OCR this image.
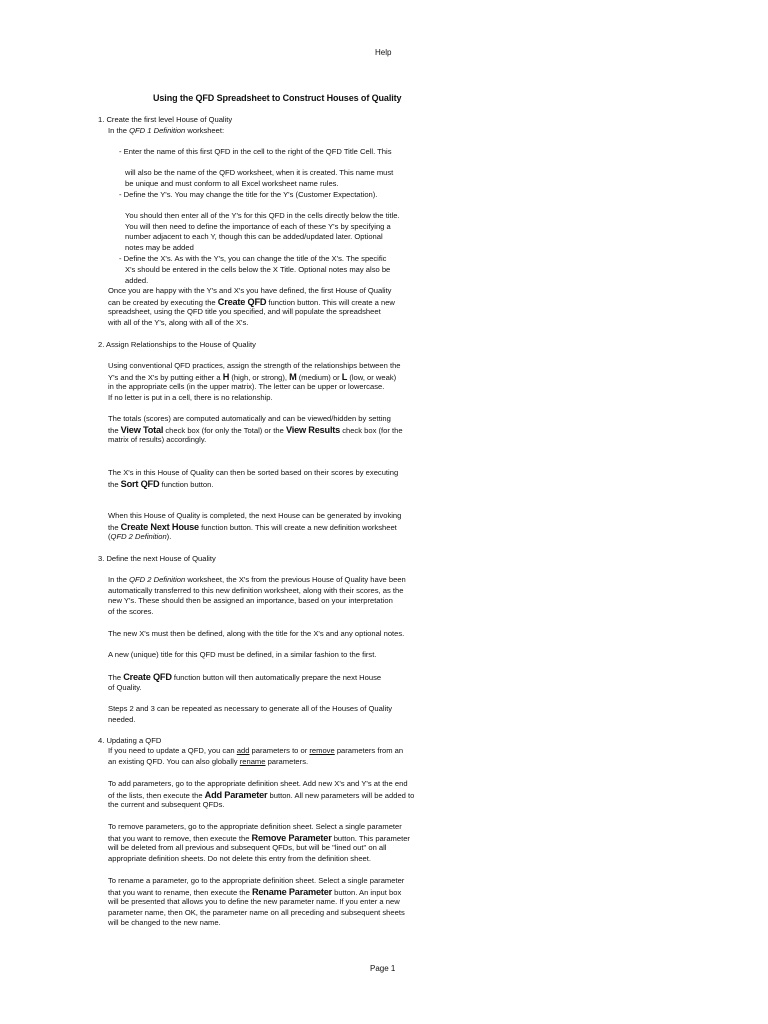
Help
Using the QFD Spreadsheet to Construct Houses of Quality
1. Create the first level House of Quality
In the QFD 1 Definition worksheet:
- Enter the name of this first QFD in the cell to the right of the QFD Title Cell. This
will also be the name of the QFD worksheet, when it is created. This name must
be unique and must conform to all Excel worksheet name rules.
- Define the Y's. You may change the title for the Y's (Customer Expectation).
You should then enter all of the Y's for this QFD in the cells directly below the title.
You will then need to define the importance of each of these Y's by specifying a
number adjacent to each Y, though this can be added/updated later. Optional
notes may be added
- Define the X's. As with the Y's, you can change the title of the X's. The specific
X's should be entered in the cells below the X Title. Optional notes may also be
added.
Once you are happy with the Y's and X's you have defined, the first House of Quality
can be created by executing the Create QFD function button. This will create a new
spreadsheet, using the QFD title you specified, and will populate the spreadsheet
with all of the Y's, along with all of the X's.
2. Assign Relationships to the House of Quality
Using conventional QFD practices, assign the strength of the relationships between the
Y's and the X's by putting either a H (high, or strong), M (medium) or L (low, or weak)
in the appropriate cells (in the upper matrix). The letter can be upper or lowercase.
If no letter is put in a cell, there is no relationship.
The totals (scores) are computed automatically and can be viewed/hidden by setting
the View Total check box (for only the Total) or the View Results check box (for the
matrix of results) accordingly.
The X's in this House of Quality can then be sorted based on their scores by executing
the Sort QFD function button.
When this House of Quality is completed, the next House can be generated by invoking
the Create Next House function button. This will create a new definition worksheet
(QFD 2 Definition).
3. Define the next House of Quality
In the QFD 2 Definition worksheet, the X's from the previous House of Quality have been
automatically transferred to this new definition worksheet, along with their scores, as the
new Y's. These should then be assigned an importance, based on your interpretation
of the scores.
The new X's must then be defined, along with the title for the X's and any optional notes.
A new (unique) title for this QFD must be defined, in a similar fashion to the first.
The Create QFD function button will then automatically prepare the next House
of Quality.
Steps 2 and 3 can be repeated as necessary to generate all of the Houses of Quality
needed.
4. Updating a QFD
If you need to update a QFD, you can add parameters to or remove parameters from an
an existing QFD. You can also globally rename parameters.
To add parameters, go to the appropriate definition sheet. Add new X's and Y's at the end
of the lists, then execute the Add Parameter button. All new parameters will be added to
the current and subsequent QFDs.
To remove parameters, go to the appropriate definition sheet. Select a single parameter
that you want to remove, then execute the Remove Parameter button. This parameter
will be deleted from all previous and subsequent QFDs, but will be "lined out" on all
appropriate definition sheets. Do not delete this entry from the definition sheet.
To rename a parameter, go to the appropriate definition sheet. Select a single parameter
that you want to rename, then execute the Rename Parameter button. An input box
will be presented that allows you to define the new parameter name. If you enter a new
parameter name, then OK, the parameter name on all preceding and subsequent sheets
will be changed to the new name.
Page 1
